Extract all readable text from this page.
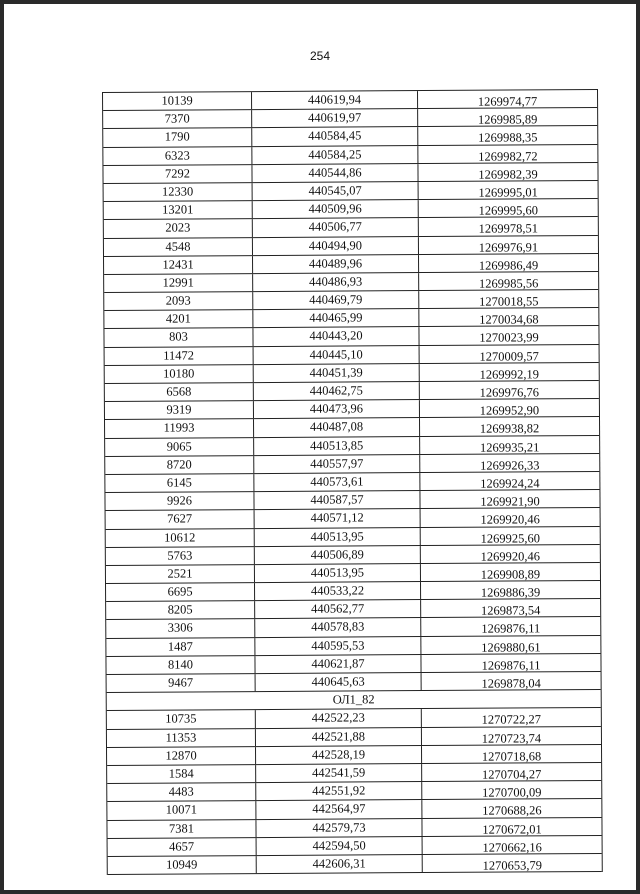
254
10139	440619,94	1269974,77
7370	440619,97	1269985,89
1790	440584,45	1269988,35
6323	440584,25	1269982,72
7292	440544,86	1269982,39
12330	440545,07	1269995,01
13201	440509,96	1269995,60
2023	440506,77	1269978,51
4548	440494,90	1269976,91
12431	440489,96	1269986,49
12991	440486,93	1269985,56
2093	440469,79	1270018,55
4201	440465,99	1270034,68
803	440443,20	1270023,99
11472	440445,10	1270009,57
10180	440451,39	1269992,19
6568	440462,75	1269976,76
9319	440473,96	1269952,90
11993	440487,08	1269938,82
9065	440513,85	1269935,21
8720	440557,97	1269926,33
6145	440573,61	1269924,24
9926	440587,57	1269921,90
7627	440571,12	1269920,46
10612	440513,95	1269925,60
5763	440506,89	1269920,46
2521	440513,95	1269908,89
6695	440533,22	1269886,39
8205	440562,77	1269873,54
3306	440578,83	1269876,11
1487	440595,53	1269880,61
8140	440621,87	1269876,11
9467	440645,63	1269878,04
ОЛ1_82
10735	442522,23	1270722,27
11353	442521,88	1270723,74
12870	442528,19	1270718,68
1584	442541,59	1270704,27
4483	442551,92	1270700,09
10071	442564,97	1270688,26
7381	442579,73	1270672,01
4657	442594,50	1270662,16
10949	442606,31	1270653,79
